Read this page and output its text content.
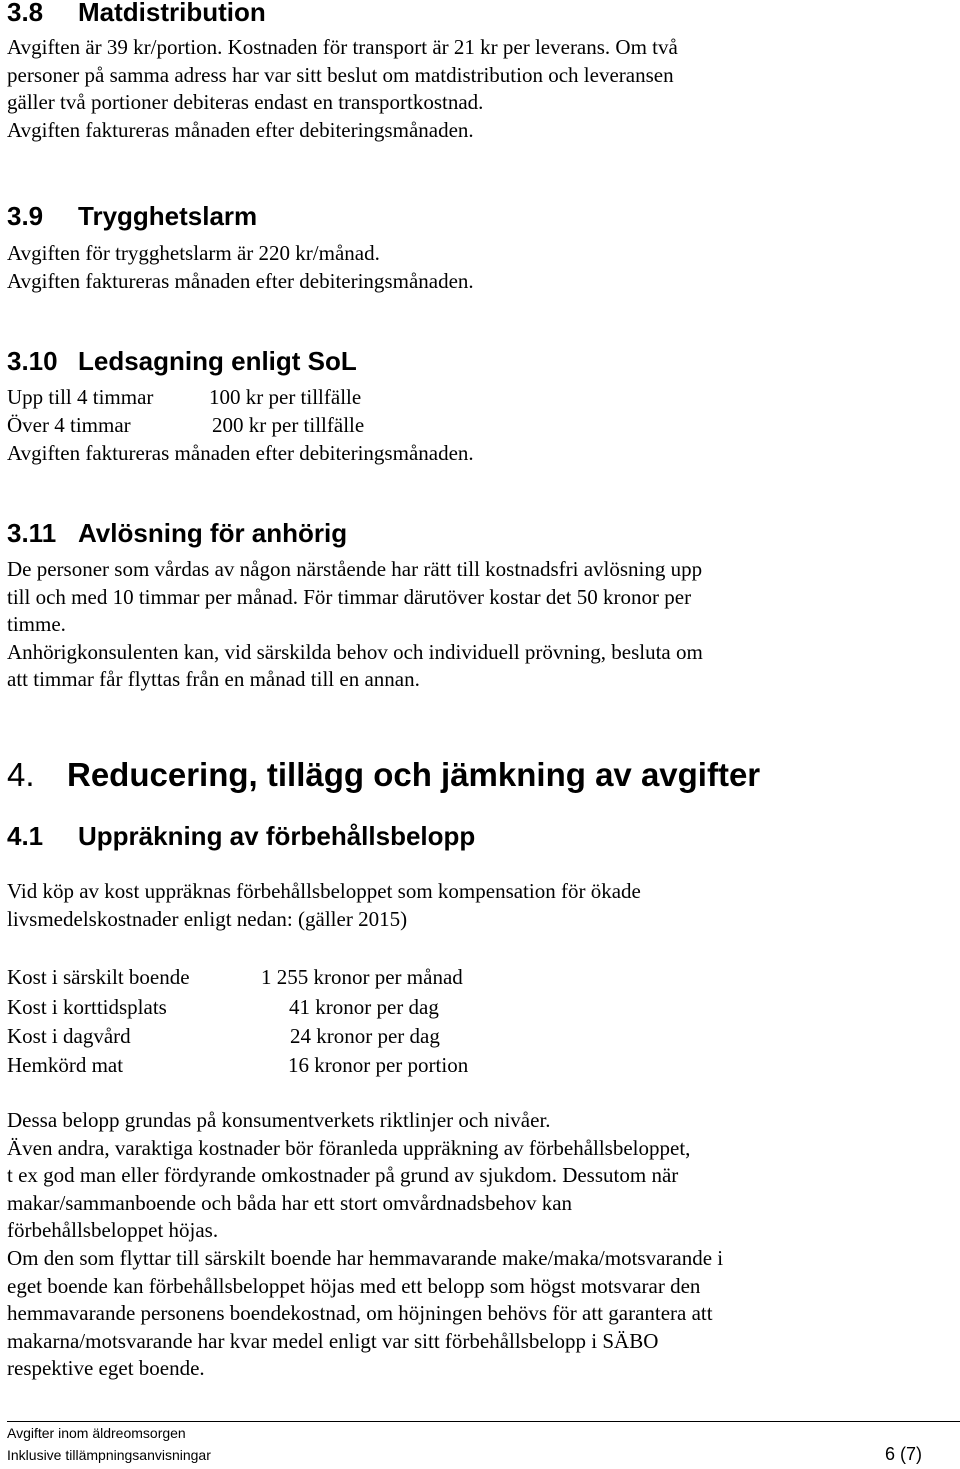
3.8 Matdistribution
Avgiften är 39 kr/portion. Kostnaden för transport är 21 kr per leverans. Om två
personer på samma adress har var sitt beslut om matdistribution och leveransen
gäller två portioner debiteras endast en transportkostnad.
Avgiften faktureras månaden efter debiteringsmånaden.
3.9 Trygghetslarm
Avgiften för trygghetslarm är 220 kr/månad.
Avgiften faktureras månaden efter debiteringsmånaden.
3.10 Ledsagning enligt SoL
Upp till 4 timmar	100 kr per tillfälle
Över 4 timmar	200 kr per tillfälle
Avgiften faktureras månaden efter debiteringsmånaden.
3.11 Avlösning för anhörig
De personer som vårdas av någon närstående har rätt till kostnadsfri avlösning upp
till och med 10 timmar per månad. För timmar därutöver kostar det 50 kronor per
timme.
Anhörigkonsulenten kan, vid särskilda behov och individuell prövning, besluta om
att timmar får flyttas från en månad till en annan.
4. Reducering, tillägg och jämkning av avgifter
4.1 Uppräkning av förbehållsbelopp
Vid köp av kost uppräknas förbehållsbeloppet som kompensation för ökade
livsmedelskostnader enligt nedan: (gäller 2015)
Kost i särskilt boende	1 255 kronor per månad
Kost i korttidsplats	41 kronor per dag
Kost i dagvård	24 kronor per dag
Hemkörd mat	16 kronor per portion
Dessa belopp grundas på konsumentverkets riktlinjer och nivåer.
Även andra, varaktiga kostnader bör föranleda uppräkning av förbehållsbeloppet,
t ex god man eller fördyrande omkostnader på grund av sjukdom. Dessutom när
makar/sammanboende och båda har ett stort omvårdnadsbehov kan
förbehållsbeloppet höjas.
Om den som flyttar till särskilt boende har hemmavarande make/maka/motsvarande i
eget boende kan förbehållsbeloppet höjas med ett belopp som högst motsvarar den
hemmavarande personens boendekostnad, om höjningen behövs för att garantera att
makarna/motsvarande har kvar medel enligt var sitt förbehållsbelopp i SÄBO
respektive eget boende.
Avgifter inom äldreomsorgen
Inklusive tillämpningsanvisningar	6 (7)
